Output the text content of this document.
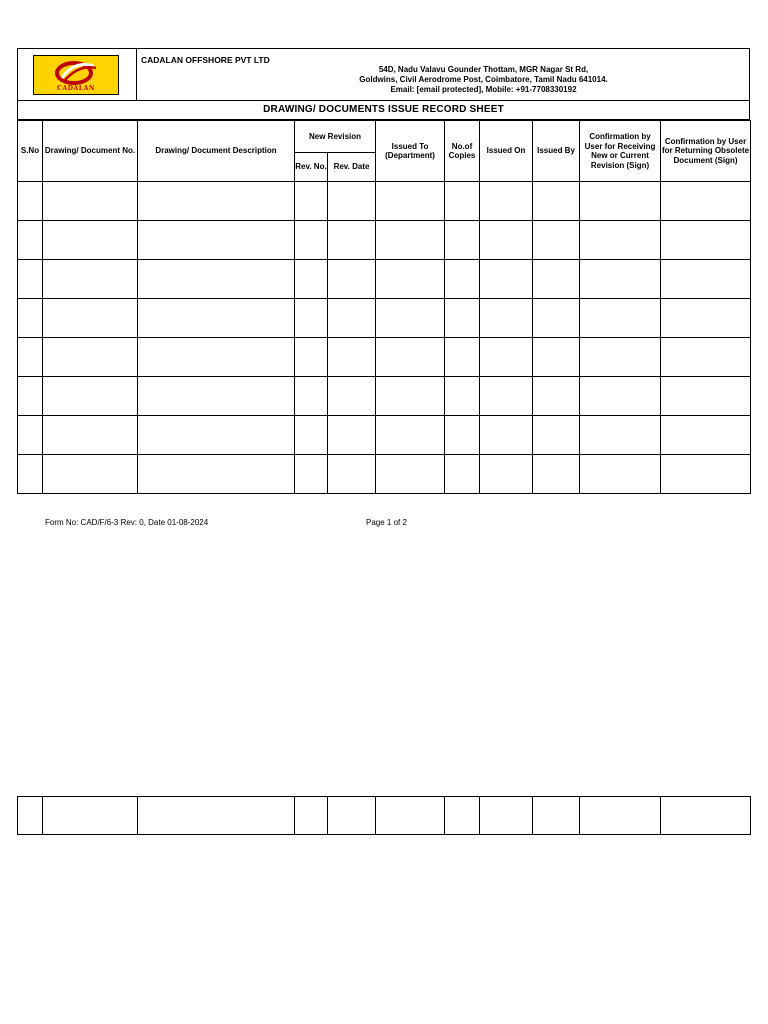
CADALAN
CADALAN OFFSHORE PVT LTD
54D, Nadu Valavu Gounder Thottam, MGR Nagar St Rd,
Goldwins, Civil Aerodrome Post, Coimbatore, Tamil Nadu 641014.
Email: [email protected], Mobile: +91-7708330192
DRAWING/ DOCUMENTS ISSUE RECORD SHEET
S.No	Drawing/ Document No.	Drawing/ Document Description	New Revision		Issued To (Department)	No.of Copies	Issued On	Issued By	Confirmation by User for Receiving New or Current Revision (Sign)	Confirmation by User for Returning Obsolete Document (Sign)
			Rev. No.	Rev. Date						

Form No: CAD/F/6-3 Rev: 0, Date 01-08-2024	Page 1 of 2
